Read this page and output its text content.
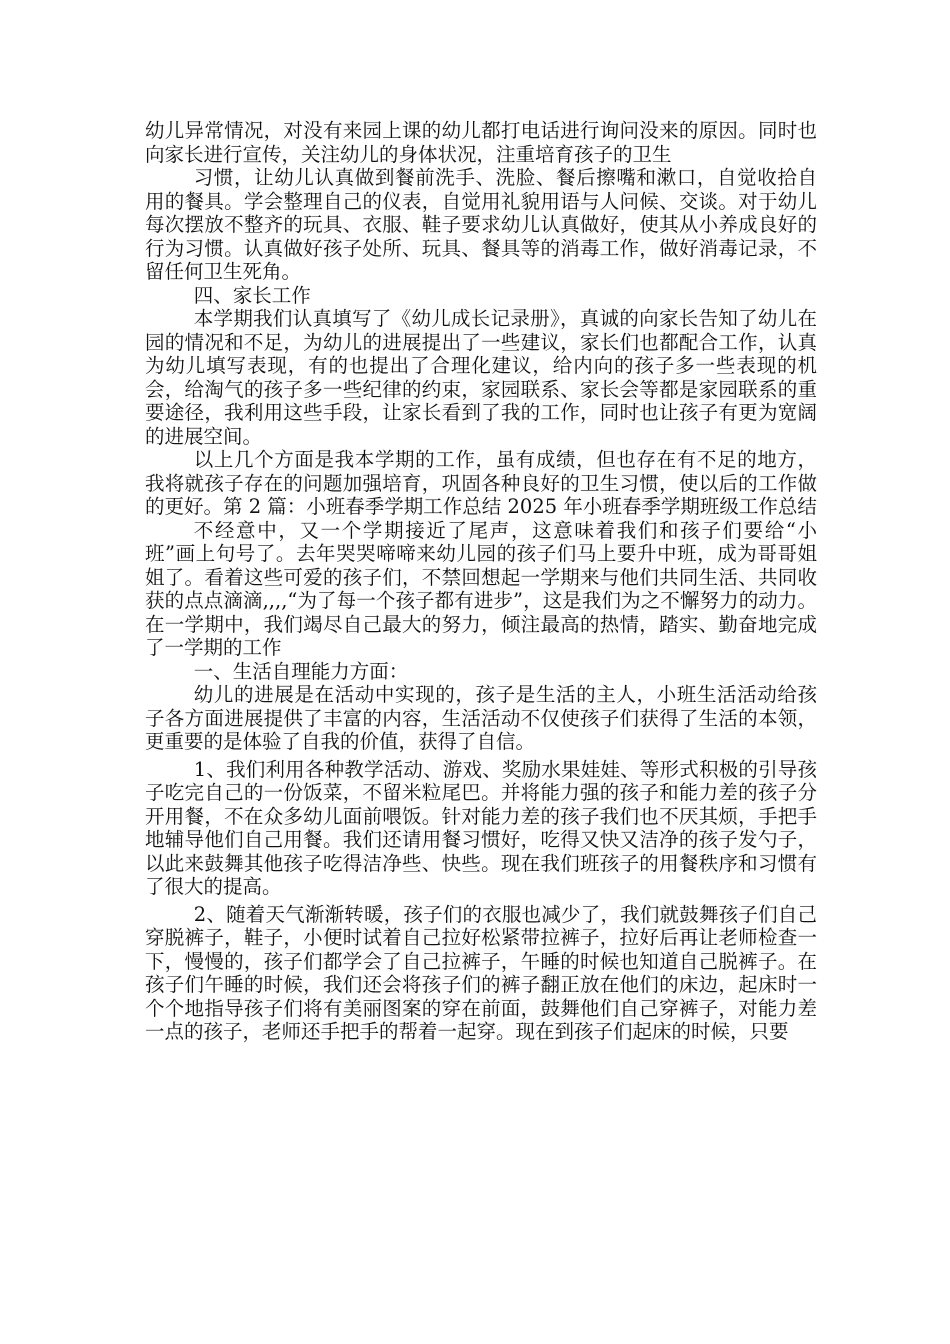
幼儿异常情况，对没有来园上课的幼儿都打电话进行询问没来的原因。同时也向家长进行宣传，关注幼儿的身体状况，注重培育孩子的卫生

习惯，让幼儿认真做到餐前洗手、洗脸、餐后擦嘴和漱口，自觉收拾自用的餐具。学会整理自己的仪表，自觉用礼貌用语与人问候、交谈。对于幼儿每次摆放不整齐的玩具、衣服、鞋子要求幼儿认真做好，使其从小养成良好的行为习惯。认真做好孩子处所、玩具、餐具等的消毒工作，做好消毒记录，不留任何卫生死角。

四、家长工作

本学期我们认真填写了《幼儿成长记录册》，真诚的向家长告知了幼儿在园的情况和不足，为幼儿的进展提出了一些建议，家长们也都配合工作，认真为幼儿填写表现，有的也提出了合理化建议，给内向的孩子多一些表现的机会，给淘气的孩子多一些纪律的约束，家园联系、家长会等都是家园联系的重要途径，我利用这些手段，让家长看到了我的工作，同时也让孩子有更为宽阔的进展空间。

以上几个方面是我本学期的工作，虽有成绩，但也存在有不足的地方，我将就孩子存在的问题加强培育，巩固各种良好的卫生习惯，使以后的工作做的更好。第 2 篇：小班春季学期工作总结 2025 年小班春季学期班级工作总结

不经意中，又一个学期接近了尾声，这意味着我们和孩子们要给“小班”画上句号了。去年哭哭啼啼来幼儿园的孩子们马上要升中班，成为哥哥姐姐了。看着这些可爱的孩子们，不禁回想起一学期来与他们共同生活、共同收获的点点滴滴,,,,“为了每一个孩子都有进步”，这是我们为之不懈努力的动力。在一学期中，我们竭尽自己最大的努力，倾注最高的热情，踏实、勤奋地完成了一学期的工作

一、生活自理能力方面：

幼儿的进展是在活动中实现的，孩子是生活的主人，小班生活活动给孩子各方面进展提供了丰富的内容，生活活动不仅使孩子们获得了生活的本领，更重要的是体验了自我的价值，获得了自信。

1、我们利用各种教学活动、游戏、奖励水果娃娃、等形式积极的引导孩子吃完自己的一份饭菜，不留米粒尾巴。并将能力强的孩子和能力差的孩子分开用餐，不在众多幼儿面前喂饭。针对能力差的孩子我们也不厌其烦，手把手地辅导他们自己用餐。我们还请用餐习惯好，吃得又快又洁净的孩子发勺子，以此来鼓舞其他孩子吃得洁净些、快些。现在我们班孩子的用餐秩序和习惯有了很大的提高。

2、随着天气渐渐转暖，孩子们的衣服也减少了，我们就鼓舞孩子们自己穿脱裤子，鞋子，小便时试着自己拉好松紧带拉裤子，拉好后再让老师检查一下，慢慢的，孩子们都学会了自己拉裤子，午睡的时候也知道自己脱裤子。在孩子们午睡的时候，我们还会将孩子们的裤子翻正放在他们的床边，起床时一个个地指导孩子们将有美丽图案的穿在前面，鼓舞他们自己穿裤子，对能力差一点的孩子，老师还手把手的帮着一起穿。现在到孩子们起床的时候，只要
